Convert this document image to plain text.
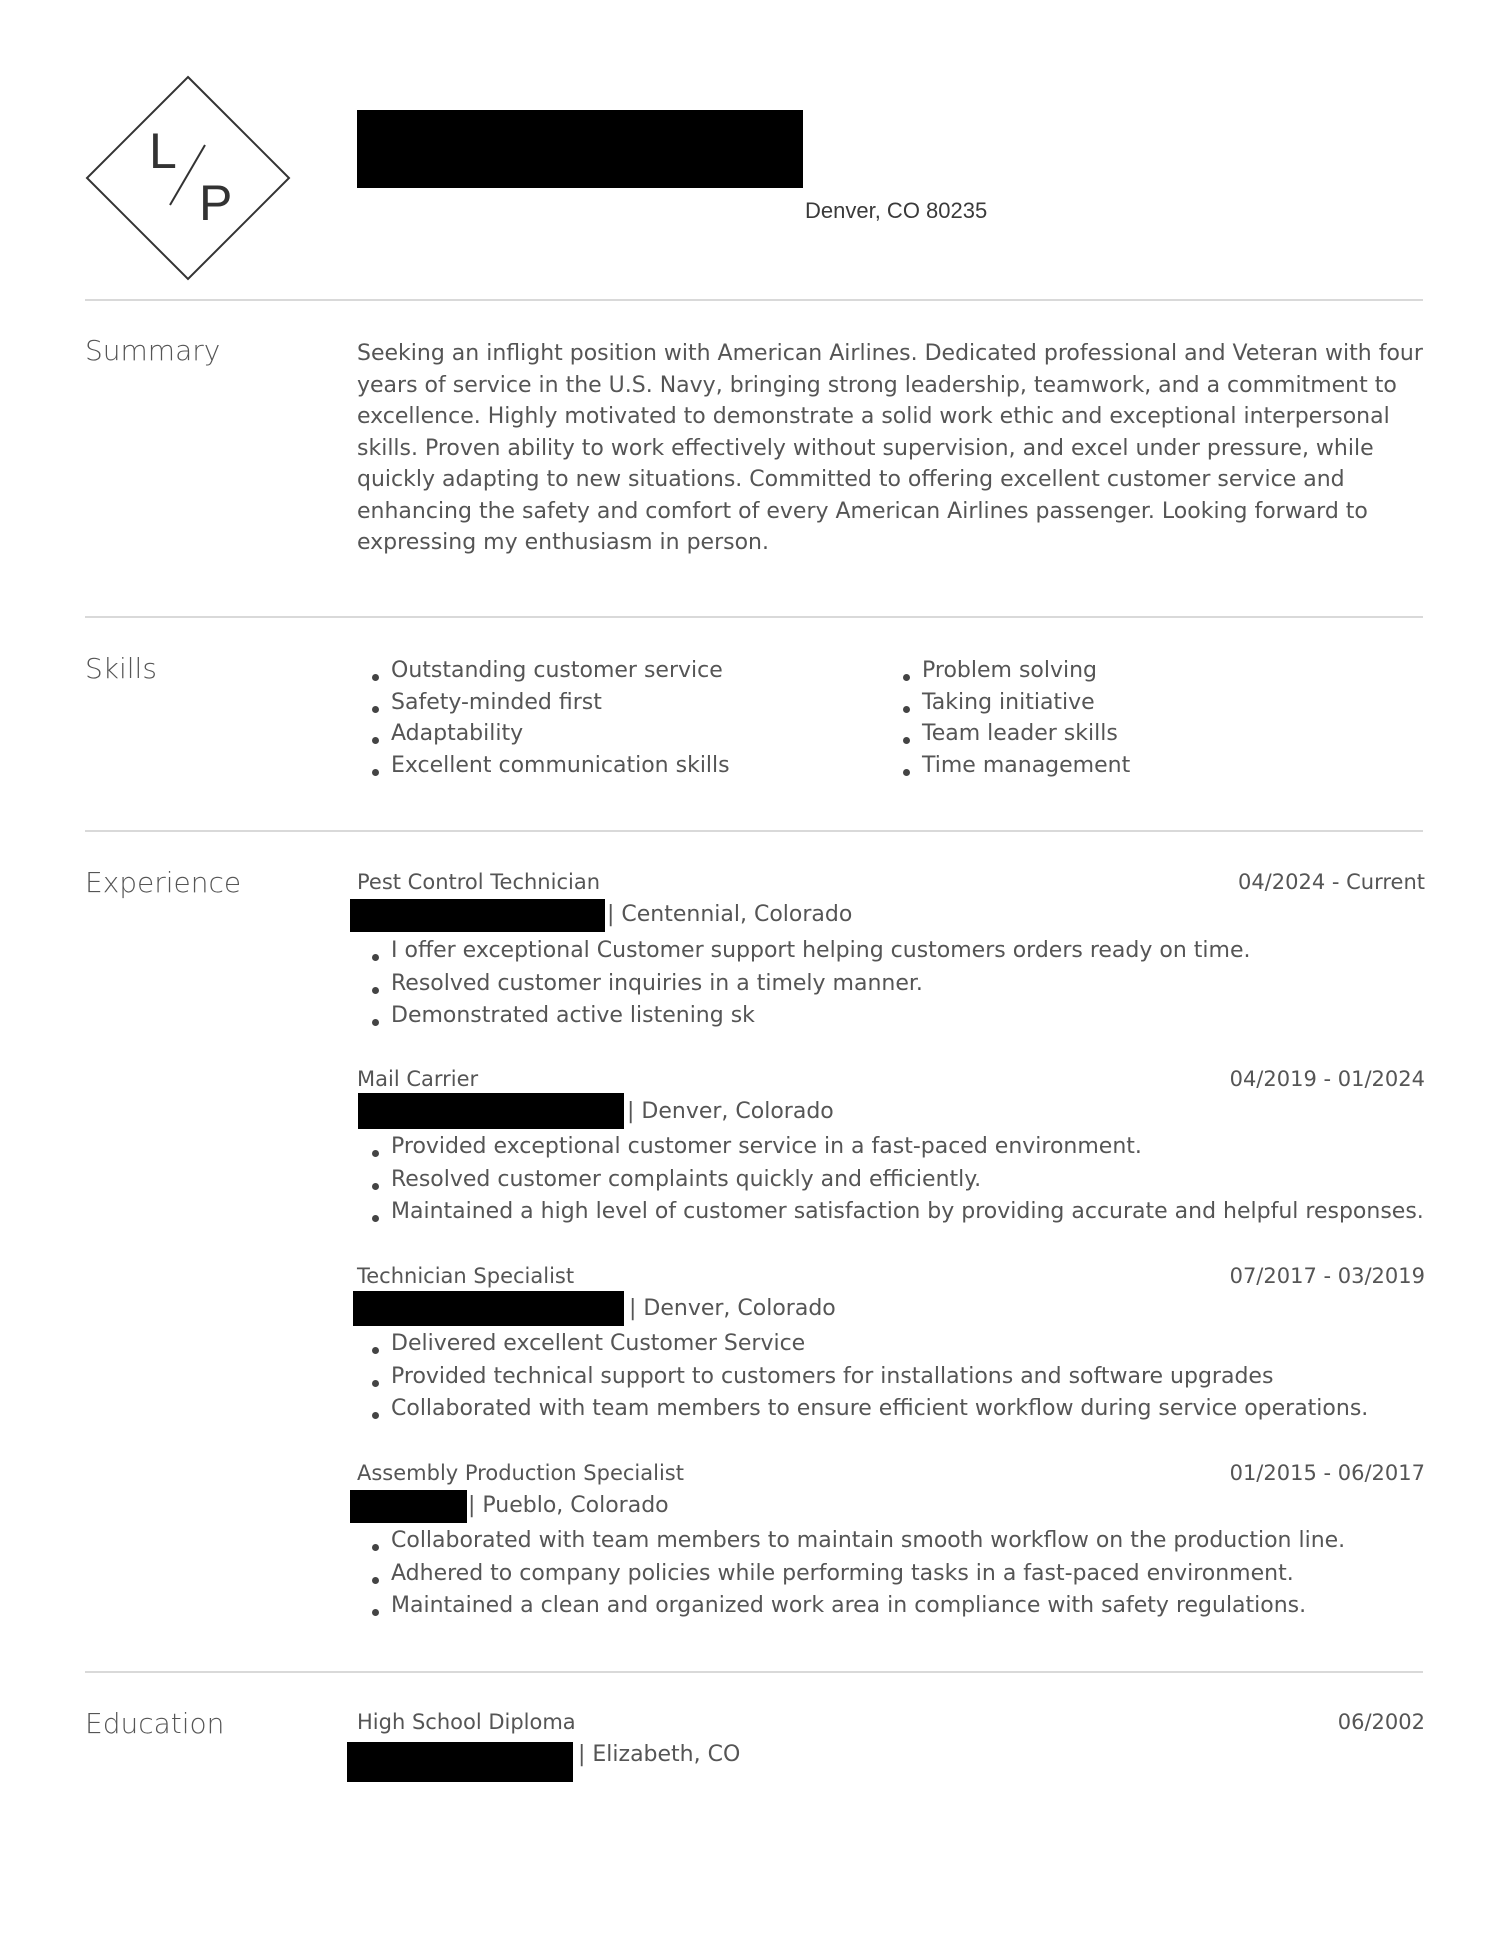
L
P	Denver, CO 80235
Summary	Seeking an inflight position with American Airlines. Dedicated professional and Veteran with four years of service in the U.S. Navy, bringing strong leadership, teamwork, and a commitment to excellence. Highly motivated to demonstrate a solid work ethic and exceptional interpersonal skills. Proven ability to work effectively without supervision, and excel under pressure, while quickly adapting to new situations. Committed to offering excellent customer service and enhancing the safety and comfort of every American Airlines passenger. Looking forward to expressing my enthusiasm in person.
Skills	Outstanding customer service
Safety-minded first
Adaptability
Excellent communication skills
Problem solving
Taking initiative
Team leader skills
Time management
Experience	Pest Control Technician	04/2024 - Current
| Centennial, Colorado
I offer exceptional Customer support helping customers orders ready on time.
Resolved customer inquiries in a timely manner.
Demonstrated active listening sk
Mail Carrier	04/2019 - 01/2024
| Denver, Colorado
Provided exceptional customer service in a fast-paced environment.
Resolved customer complaints quickly and efficiently.
Maintained a high level of customer satisfaction by providing accurate and helpful responses.
Technician Specialist	07/2017 - 03/2019
| Denver, Colorado
Delivered excellent Customer Service
Provided technical support to customers for installations and software upgrades
Collaborated with team members to ensure efficient workflow during service operations.
Assembly Production Specialist	01/2015 - 06/2017
| Pueblo, Colorado
Collaborated with team members to maintain smooth workflow on the production line.
Adhered to company policies while performing tasks in a fast-paced environment.
Maintained a clean and organized work area in compliance with safety regulations.
Education	High School Diploma	06/2002
| Elizabeth, CO
